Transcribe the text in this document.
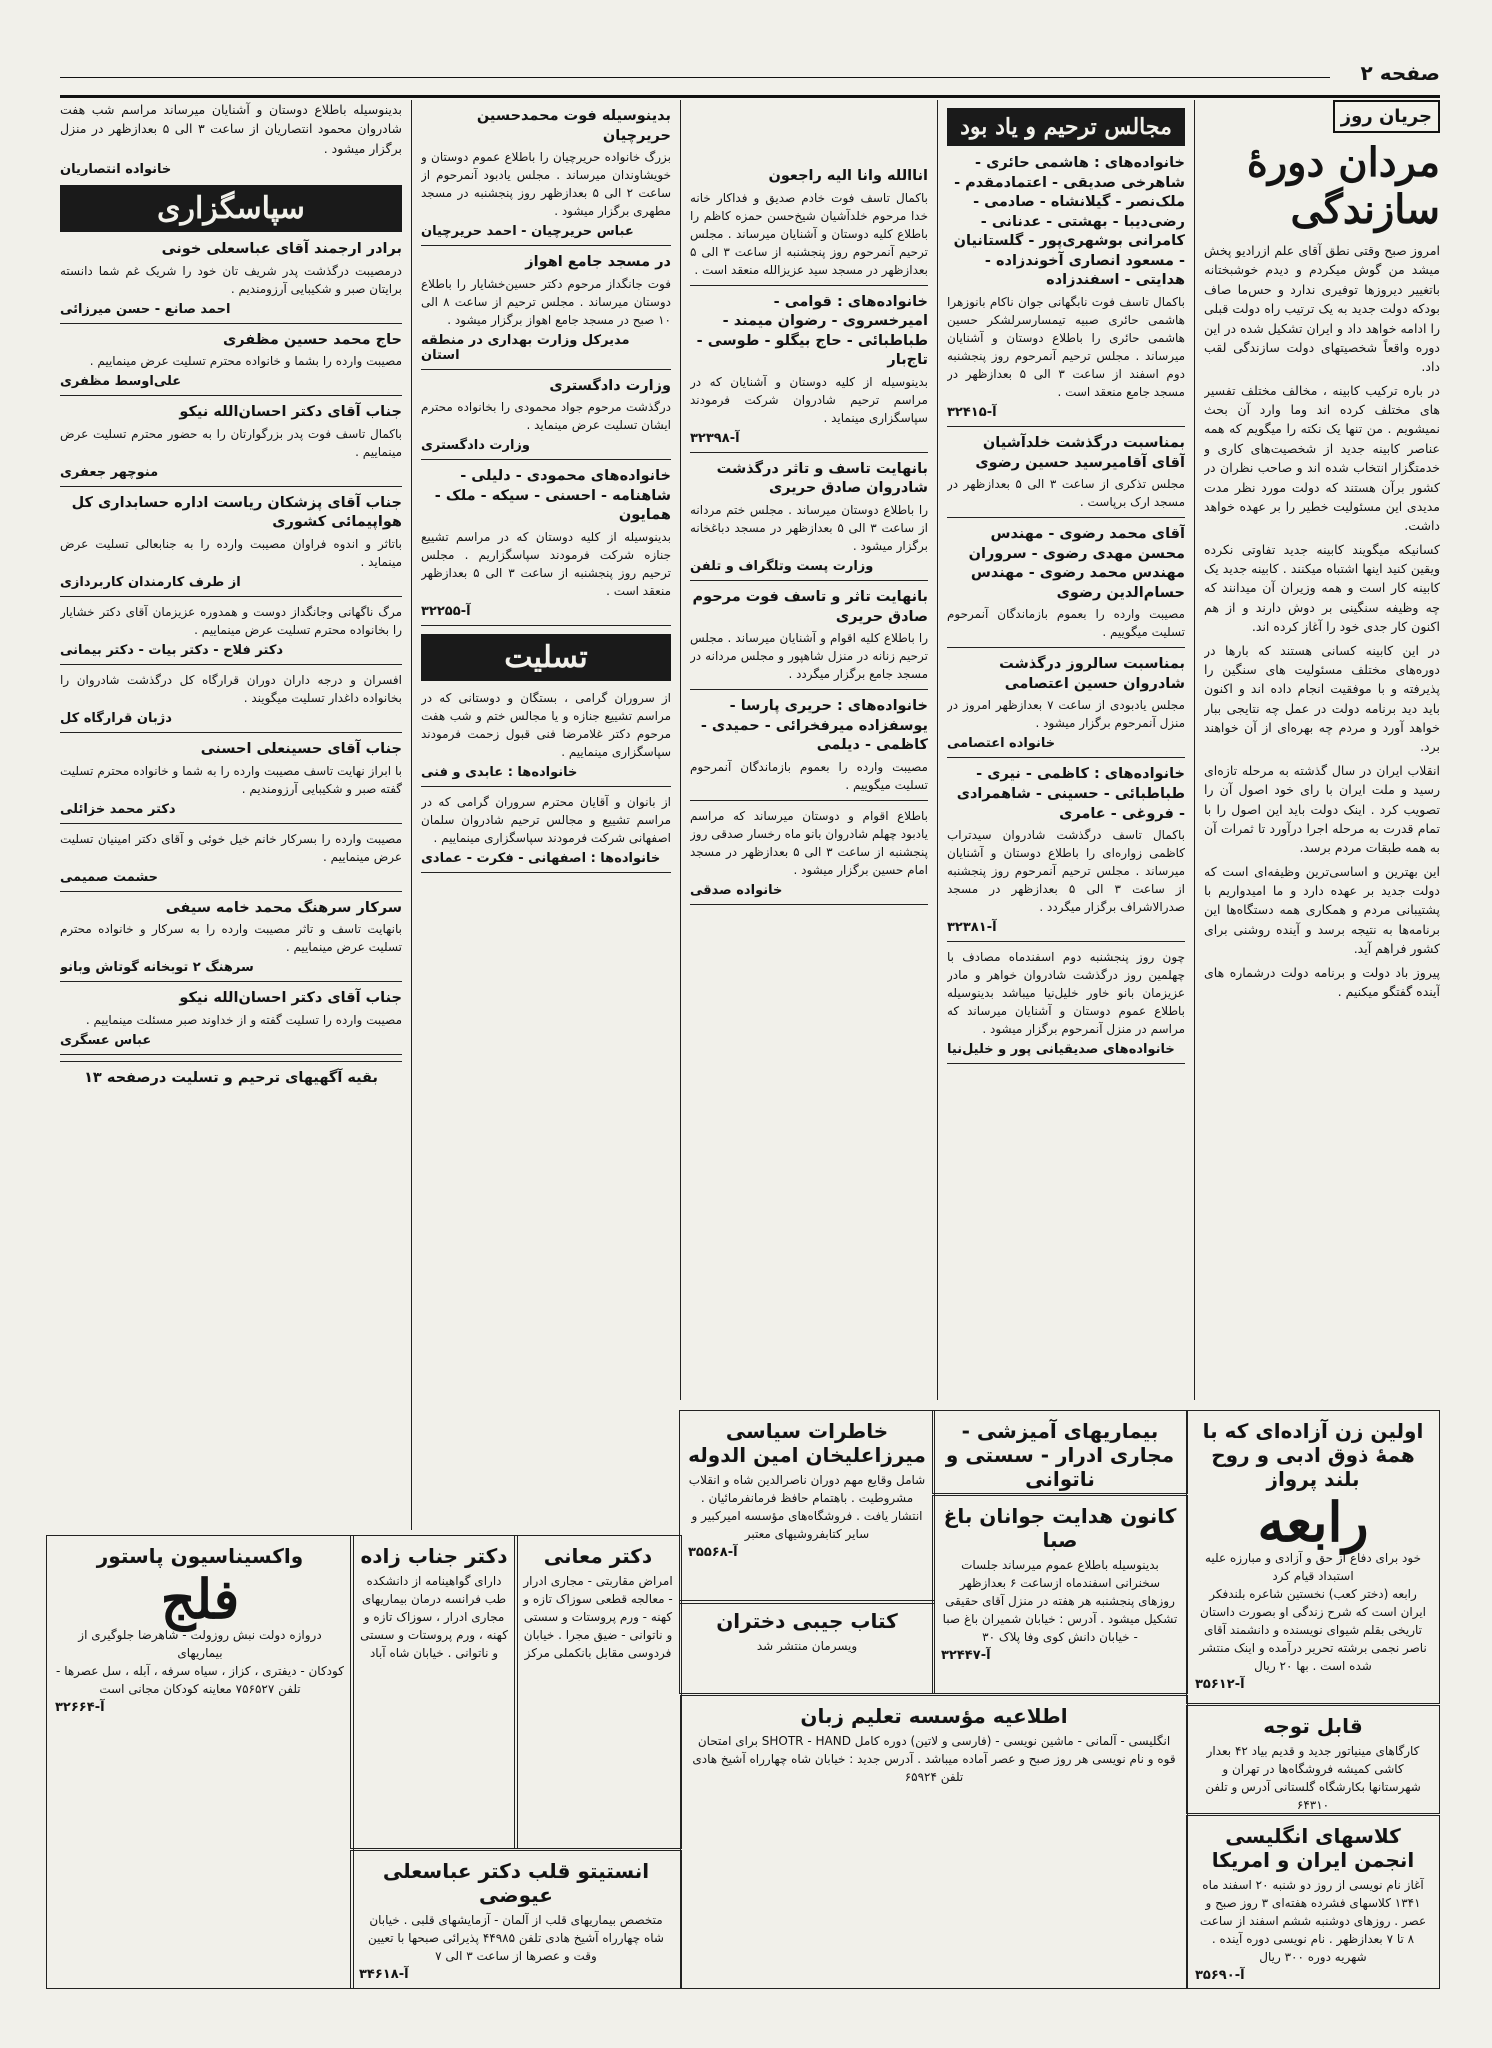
صفحه ۲
جریان روز
مردان دورهٔ سازندگی

امروز صبح وقتی نطق آقای علم ازرادیو پخش میشد من گوش میکردم و دیدم خوشبختانه باتغییر دیروزها توفیری ندارد و حس‌ما صاف بودکه دولت جدید به یک ترتیب راه دولت قبلی را ادامه خواهد داد و ایران تشکیل شده در این دوره واقعاً شخصیتهای دولت سازندگی لقب داد.

در باره ترکیب کابینه ، مخالف مختلف تفسیر های مختلف کرده اند وما وارد آن بحث نمیشویم . من تنها یک نکته را میگویم که همه عناصر کابینه جدید از شخصیت‌های کاری و خدمتگزار انتخاب شده اند و صاحب نظران در کشور برآن هستند که دولت مورد نظر مدت مدیدی این مسئولیت خطیر را بر عهده خواهد داشت.

کسانیکه میگویند کابینه جدید تفاوتی نکرده ویقین کنید اینها اشتباه میکنند . کابینه جدید یک کابینه کار است و همه وزیران آن میدانند که چه وظیفه سنگینی بر دوش دارند و از هم اکنون کار جدی خود را آغاز کرده اند.

در این کابینه کسانی هستند که بارها در دوره‌های مختلف مسئولیت های سنگین را پذیرفته و با موفقیت انجام داده اند و اکنون باید دید برنامه دولت در عمل چه نتایجی ببار خواهد آورد و مردم چه بهره‌ای از آن خواهند برد.

انقلاب ایران در سال گذشته به مرحله تازه‌ای رسید و ملت ایران با رای خود اصول آن را تصویب کرد . اینک دولت باید این اصول را با تمام قدرت به مرحله اجرا درآورد تا ثمرات آن به همه طبقات مردم برسد.

این بهترین و اساسی‌ترین وظیفه‌ای است که دولت جدید بر عهده دارد و ما امیدواریم با پشتیبانی مردم و همکاری همه دستگاه‌ها این برنامه‌ها به نتیجه برسد و آینده روشنی برای کشور فراهم آید.

پیروز باد دولت و برنامه دولت درشماره های آینده گفتگو میکنیم .

مجالس ترحیم و یاد بود
خانواده‌های : هاشمی حائری - شاهرخی صدیقی - اعتمادمقدم - ملک‌نصر - گیلانشاه - صادمی - رضی‌دیبا - بهشتی - عدنانی - کامرانی بوشهری‌پور - گلستانیان - مسعود انصاری آخوندزاده - هدایتی - اسفندزاده

باکمال تاسف فوت نابگهانی جوان ناکام بانوزهرا هاشمی حائری صبیه تیمسارسرلشکر حسین هاشمی حائری را باطلاع دوستان و آشنایان میرساند . مجلس ترحیم آنمرحوم روز پنجشنبه دوم اسفند از ساعت ۳ الی ۵ بعدازظهر در مسجد جامع منعقد است .

آ-۳۲۴۱۵
بمناسبت درگذشت خلدآشیان آقای آقامیرسید حسین رضوی

مجلس تذکری از ساعت ۳ الی ۵ بعدازظهر در مسجد ارک برپاست .

آقای محمد رضوی - مهندس محسن مهدی رضوی - سروران مهندس محمد رضوی - مهندس حسام‌الدین رضوی

مصیبت وارده را بعموم بازماندگان آنمرحوم تسلیت میگوییم .

بمناسبت سالروز درگذشت شادروان حسین اعتصامی

مجلس یادبودی از ساعت ۷ بعدازظهر امروز در منزل آنمرحوم برگزار میشود .

خانواده اعتصامی
خانواده‌های : کاظمی - نیری - طباطبائی - حسینی - شاهمرادی - فروغی - عامری

باکمال تاسف درگذشت شادروان سیدتراب کاظمی زواره‌ای را باطلاع دوستان و آشنایان میرساند . مجلس ترحیم آنمرحوم روز پنجشنبه از ساعت ۳ الی ۵ بعدازظهر در مسجد صدرالاشراف برگزار میگردد .

آ-۳۲۳۸۱

چون روز پنجشنبه دوم اسفندماه مصادف با چهلمین روز درگذشت شادروان خواهر و مادر عزیزمان بانو خاور خلیل‌نیا میباشد بدینوسیله باطلاع عموم دوستان و آشنایان میرساند که مراسم در منزل آنمرحوم برگزار میشود .

خانواده‌های صدیقیانی پور و خلیل‌نیا
اناالله وانا الیه راجعون

باکمال تاسف فوت خادم صدیق و فداکار خانه خدا مرحوم خلدآشیان شیخ‌حسن حمزه کاظم را باطلاع کلیه دوستان و آشنایان میرساند . مجلس ترحیم آنمرحوم روز پنجشنبه از ساعت ۳ الی ۵ بعدازظهر در مسجد سید عزیزالله منعقد است .

خانواده‌های : قوامی - امیرخسروی - رضوان میمند - طباطبائی - حاج بیگلو - طوسی - تاج‌بار

بدینوسیله از کلیه دوستان و آشنایان که در مراسم ترحیم شادروان شرکت فرمودند سپاسگزاری مینماید .

آ-۳۲۳۹۸
بانهایت تاسف و تاثر درگذشت شادروان صادق حریری

را باطلاع دوستان میرساند . مجلس ختم مردانه از ساعت ۳ الی ۵ بعدازظهر در مسجد دباغخانه برگزار میشود .

وزارت پست وتلگراف و تلفن
بانهایت تاثر و تاسف فوت مرحوم صادق حریری

را باطلاع کلیه اقوام و آشنایان میرساند . مجلس ترحیم زنانه در منزل شاهپور و مجلس مردانه در مسجد جامع برگزار میگردد .

خانواده‌های : حریری پارسا - یوسفزاده میرفخرائی - حمیدی - کاظمی - دیلمی

مصیبت وارده را بعموم بازماندگان آنمرحوم تسلیت میگوییم .

باطلاع اقوام و دوستان میرساند که مراسم یادبود چهلم شادروان بانو ماه رخسار صدقی روز پنجشنبه از ساعت ۳ الی ۵ بعدازظهر در مسجد امام حسین برگزار میشود .

خانواده صدقی
بدینوسیله فوت محمدحسین حریرچیان

بزرگ خانواده حریرچیان را باطلاع عموم دوستان و خویشاوندان میرساند . مجلس یادبود آنمرحوم از ساعت ۲ الی ۵ بعدازظهر روز پنجشنبه در مسجد مطهری برگزار میشود .

عباس حریرچیان - احمد حریرچیان
در مسجد جامع اهواز

فوت جانگداز مرحوم دکتر حسین‌خشایار را باطلاع دوستان میرساند . مجلس ترحیم از ساعت ۸ الی ۱۰ صبح در مسجد جامع اهواز برگزار میشود .

مدیرکل وزارت بهداری در منطقه استان
وزارت دادگستری

درگذشت مرحوم جواد محمودی را بخانواده محترم ایشان تسلیت عرض مینماید .

وزارت دادگستری
خانواده‌های محمودی - دلیلی - شاهنامه - احسنی - سیکه - ملک - همایون

بدینوسیله از کلیه دوستان که در مراسم تشییع جنازه شرکت فرمودند سپاسگزاریم . مجلس ترحیم روز پنجشنبه از ساعت ۳ الی ۵ بعدازظهر منعقد است .

آ-۳۲۲۵۵
تسلیت

از سروران گرامی ، بستگان و دوستانی که در مراسم تشییع جنازه و یا مجالس ختم و شب هفت مرحوم دکتر غلامرضا فنی قبول زحمت فرمودند سپاسگزاری مینماییم .

خانواده‌ها : عابدی و فنی

از بانوان و آقایان محترم سروران گرامی که در مراسم تشییع و مجالس ترحیم شادروان سلمان اصفهانی شرکت فرمودند سپاسگزاری مینماییم .

خانواده‌ها : اصفهانی - فکرت - عمادی

بدینوسیله باطلاع دوستان و آشنایان میرساند مراسم شب هفت شادروان محمود انتصاریان از ساعت ۳ الی ۵ بعدازظهر در منزل برگزار میشود .

خانواده انتصاریان
سپاسگزاری
برادر ارجمند آقای عباسعلی خونی

درمصیبت درگذشت پدر شریف تان خود را شریک غم شما دانسته برایتان صبر و شکیبایی آرزومندیم .

احمد صانع - حسن میرزائی
حاج محمد حسین مظفری

مصیبت وارده را بشما و خانواده محترم تسلیت عرض مینماییم .

علی‌اوسط مظفری
جناب آقای دکتر احسان‌الله نیکو

باکمال تاسف فوت پدر بزرگوارتان را به حضور محترم تسلیت عرض مینماییم .

منوچهر جعفری
جناب آقای پزشکان ریاست اداره حسابداری کل هواپیمائی کشوری

باتاثر و اندوه فراوان مصیبت وارده را به جنابعالی تسلیت عرض مینماید .

از طرف کارمندان کاربردازی

مرگ ناگهانی وجانگداز دوست و همدوره عزیزمان آقای دکتر خشایار را بخانواده محترم تسلیت عرض مینماییم .

دکتر فلاح - دکتر بیات - دکتر بیمانی

افسران و درجه داران دوران قرارگاه کل درگذشت شادروان را بخانواده داغدار تسلیت میگویند .

دژبان قرارگاه کل
جناب آقای حسینعلی احسنی

با ابراز نهایت تاسف مصیبت وارده را به شما و خانواده محترم تسلیت گفته صبر و شکیبایی آرزومندیم .

دکتر محمد خزائلی

مصیبت وارده را بسرکار خانم خیل خوئی و آقای دکتر امینیان تسلیت عرض مینماییم .

حشمت صمیمی
سرکار سرهنگ محمد خامه سیفی

بانهایت تاسف و تاثر مصیبت وارده را به سرکار و خانواده محترم تسلیت عرض مینماییم .

سرهنگ ۲ توبخانه گوتاش وبانو
جناب آقای دکتر احسان‌الله نیکو

مصیبت وارده را تسلیت گفته و از خداوند صبر مسئلت مینماییم .

عباس عسگری
بقیه آگهیهای ترحیم و تسلیت درصفحه ۱۳
اولین زن آزاده‌ای که با همهٔ ذوق ادبی و روح بلند پرواز
رابعه
خود برای دفاع از حق و آزادی و مبارزه علیه استبداد قیام کرد
رابعه (دختر کعب) نخستین شاعره بلندفکر ایران است که شرح زندگی او بصورت داستان تاریخی بقلم شیوای نویسنده و دانشمند آقای ناصر نجمی برشته تحریر درآمده و اینک منتشر شده است . بها ۲۰ ریال
آ-۳۵۶۱۲
اطلاعیه مؤسسه تعلیم زبان
انگلیسی - آلمانی - ماشین نویسی - (فارسی و لاتین) دوره کامل SHOTR - HAND برای امتحان قوه و نام نویسی هر روز صبح و عصر آماده میباشد . آدرس جدید : خیابان شاه چهارراه آشیخ هادی تلفن ۶۵۹۲۴
قابل توجه
کارگاهای مینیاتور جدید و قدیم بیاد ۴۲ بعدار کاشی کمیشه فروشگاه‌ها در تهران و شهرستانها بکارشگاه گلستانی آدرس و تلفن ۶۴۳۱۰
کلاسهای انگلیسی انجمن ایران و امریکا
آغاز نام نویسی از روز دو شنبه ۲۰ اسفند ماه ۱۳۴۱ کلاسهای فشرده هفته‌ای ۳ روز صبح و عصر . روزهای دوشنبه ششم اسفند از ساعت ۸ تا ۷ بعدازظهر . نام نویسی دوره آینده . شهریه دوره ۳۰۰ ریال
آ-۳۵۶۹۰
بیماریهای آمیزشی - مجاری ادرار - سستی و ناتوانی
کانون هدایت جوانان باغ صبا
بدینوسیله باطلاع عموم میرساند جلسات سخنرانی اسفندماه ازساعت ۶ بعدازظهر روزهای پنجشنبه هر هفته در منزل آقای حقیقی تشکیل میشود . آدرس : خیابان شمیران باغ صبا - خیابان دانش کوی وفا پلاک ۳۰
آ-۳۲۴۴۷
خاطرات سیاسی میرزاعلیخان امین الدوله
شامل وقایع مهم دوران ناصرالدین شاه و انقلاب مشروطیت . باهتمام حافظ فرمانفرمائیان . انتشار یافت . فروشگاه‌های مؤسسه امیرکبیر و سایر کتابفروشیهای معتبر
آ-۳۵۵۶۸
کتاب جیبی دختران
ویسرمان منتشر شد
دکتر معانی
امراض مقاربتی - مجاری ادرار - معالجه قطعی سوزاک تازه و کهنه - ورم پروستات و سستی و ناتوانی - ضیق مجرا . خیابان فردوسی مقابل بانکملی مرکز
دکتر جناب زاده
دارای گواهینامه از دانشکده طب فرانسه درمان بیماریهای مجاری ادرار ، سوزاک تازه و کهنه ، ورم پروستات و سستی و ناتوانی . خیابان شاه آباد
واکسیناسیون پاستور
فلج
دروازه دولت نبش روزولت - شاهرضا جلوگیری از بیماریهای
کودکان - دیفتری ، کزاز ، سیاه سرفه ، آبله ، سل عصرها - تلفن ۷۵۶۵۲۷ معاینه کودکان مجانی است
آ-۳۲۶۶۴
انستیتو قلب دکتر عباسعلی عیوضی
متخصص بیماریهای قلب از آلمان - آزمایشهای قلبی . خیابان شاه چهارراه آشیخ هادی تلفن ۴۴۹۸۵ پذیرائی صبحها با تعیین وقت و عصرها از ساعت ۳ الی ۷
آ-۳۴۶۱۸
